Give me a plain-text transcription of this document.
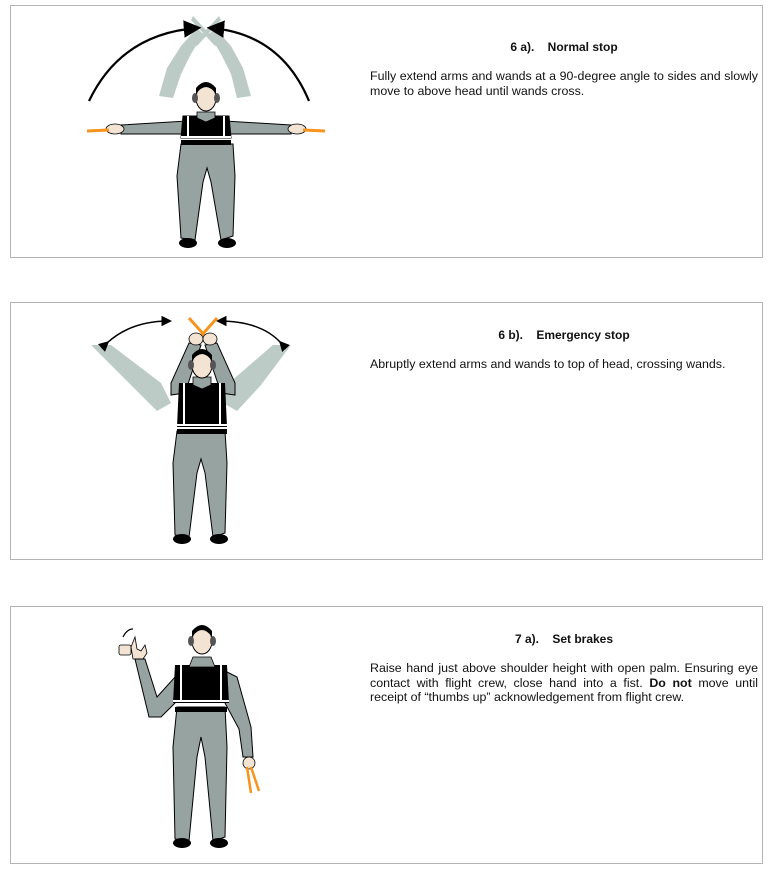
6 a).    Normal stop

Fully extend arms and wands at a 90-degree angle to sides and slowly move to above head until wands cross.

6 b).    Emergency stop

Abruptly extend arms and wands to top of head, crossing wands.

7 a).    Set brakes

Raise hand just above shoulder height with open palm. Ensuring eye contact with flight crew, close hand into a fist. Do not move until receipt of “thumbs up” acknowledgement from flight crew.
